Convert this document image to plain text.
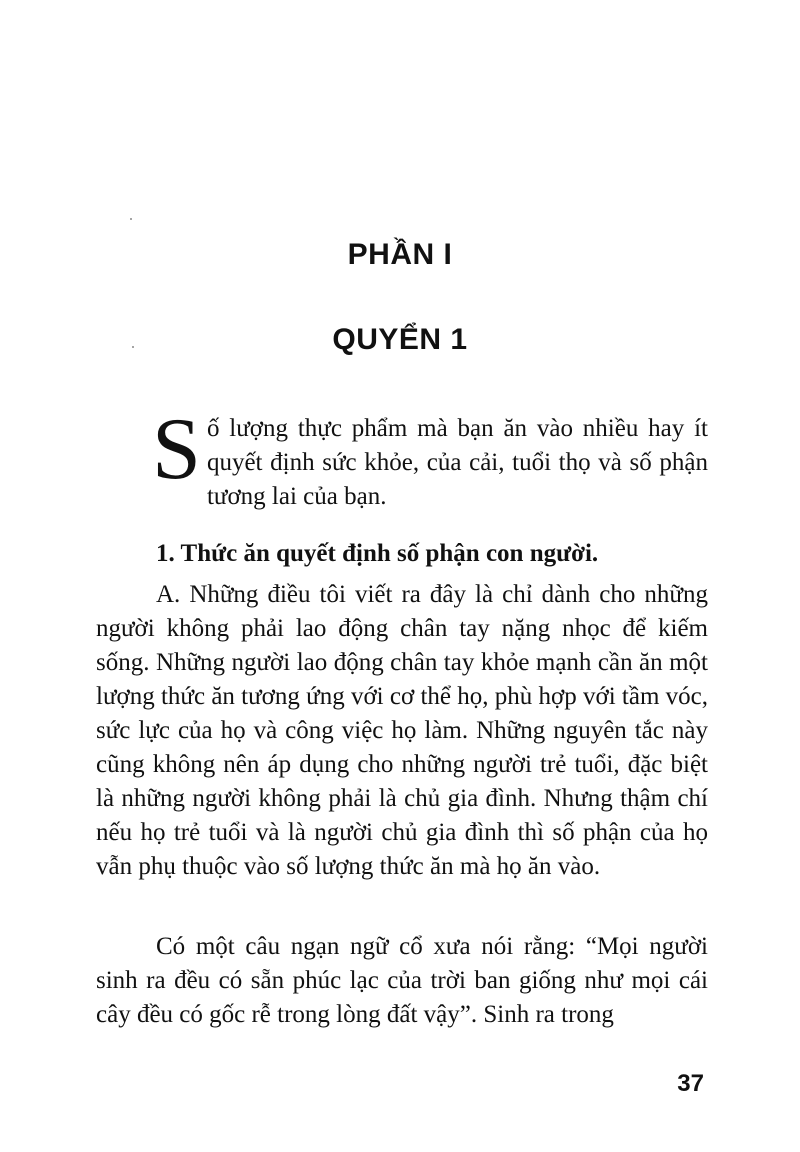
PHẦN I
QUYỂN 1
S ố lượng thực phẩm mà bạn ăn vào nhiều hay ít quyết định sức khỏe, của cải, tuổi thọ và số phận tương lai của bạn.
1. Thức ăn quyết định số phận con người.
A. Những điều tôi viết ra đây là chỉ dành cho những người không phải lao động chân tay nặng nhọc để kiếm sống. Những người lao động chân tay khỏe mạnh cần ăn một lượng thức ăn tương ứng với cơ thể họ, phù hợp với tầm vóc, sức lực của họ và công việc họ làm. Những nguyên tắc này cũng không nên áp dụng cho những người trẻ tuổi, đặc biệt là những người không phải là chủ gia đình. Nhưng thậm chí nếu họ trẻ tuổi và là người chủ gia đình thì số phận của họ vẫn phụ thuộc vào số lượng thức ăn mà họ ăn vào.
Có một câu ngạn ngữ cổ xưa nói rằng: “Mọi người sinh ra đều có sẵn phúc lạc của trời ban giống như mọi cái cây đều có gốc rễ trong lòng đất vậy”. Sinh ra trong
37
